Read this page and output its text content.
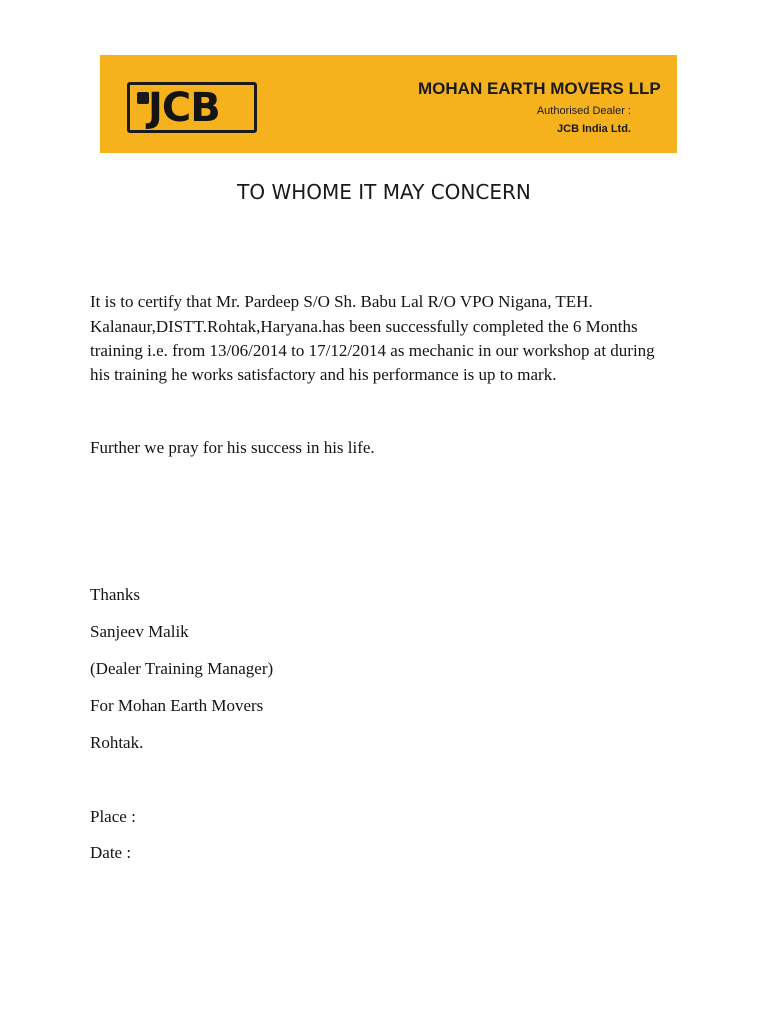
JCB	MOHAN EARTH MOVERS LLP
Authorised Dealer :
JCB India Ltd.
TO WHOME IT MAY CONCERN
It is to certify that Mr. Pardeep S/O Sh. Babu Lal R/O VPO Nigana, TEH.
Kalanaur,DISTT.Rohtak,Haryana.has been successfully completed the 6 Months
training i.e. from 13/06/2014 to 17/12/2014 as mechanic in our workshop at during
his training he works satisfactory and his performance is up to mark.
Further we pray for his success in his life.
Thanks
Sanjeev Malik
(Dealer Training Manager)
For Mohan Earth Movers
Rohtak.
Place :
Date :
